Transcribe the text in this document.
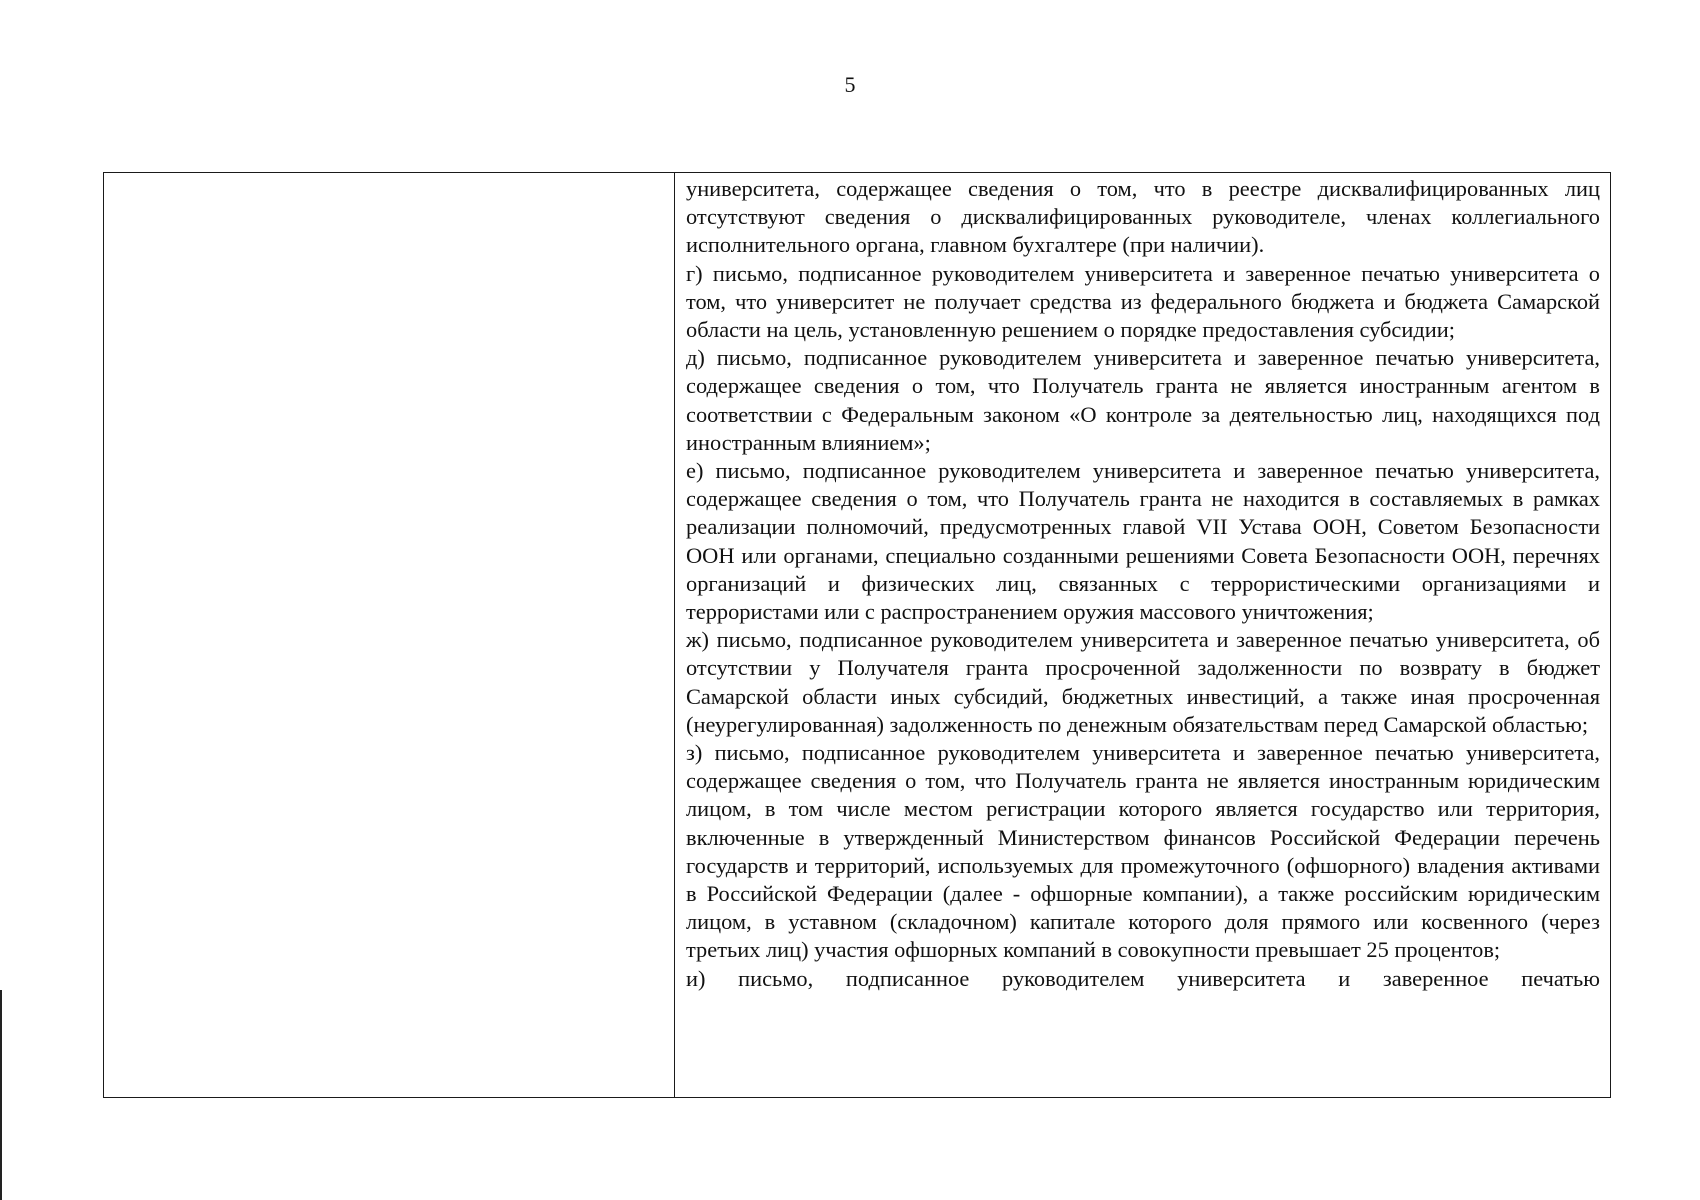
5

университета, содержащее сведения о том, что в реестре дисквалифицированных лиц отсутствуют сведения о дисквалифицированных руководителе, членах коллегиального исполнительного органа, главном бухгалтере (при наличии).

г) письмо, подписанное руководителем университета и заверенное печатью университета о том, что университет не получает средства из федерального бюджета и бюджета Самарской области на цель, установленную решением о порядке предоставления субсидии;

д) письмо, подписанное руководителем университета и заверенное печатью университета, содержащее сведения о том, что Получатель гранта не является иностранным агентом в соответствии с Федеральным законом «О контроле за деятельностью лиц, находящихся под иностранным влиянием»;

е) письмо, подписанное руководителем университета и заверенное печатью университета, содержащее сведения о том, что Получатель гранта не находится в составляемых в рамках реализации полномочий, предусмотренных главой VII Устава ООН, Советом Безопасности ООН или органами, специально созданными решениями Совета Безопасности ООН, перечнях организаций и физических лиц, связанных с террористическими организациями и террористами или с распространением оружия массового уничтожения;

ж) письмо, подписанное руководителем университета и заверенное печатью университета, об отсутствии у Получателя гранта просроченной задолженности по возврату в бюджет Самарской области иных субсидий, бюджетных инвестиций, а также иная просроченная (неурегулированная) задолженность по денежным обязательствам перед Самарской областью;

з) письмо, подписанное руководителем университета и заверенное печатью университета, содержащее сведения о том, что Получатель гранта не является иностранным юридическим лицом, в том числе местом регистрации которого является государство или территория, включенные в утвержденный Министерством финансов Российской Федерации перечень государств и территорий, используемых для промежуточного (офшорного) владения активами в Российской Федерации (далее - офшорные компании), а также российским юридическим лицом, в уставном (складочном) капитале которого доля прямого или косвенного (через третьих лиц) участия офшорных компаний в совокупности превышает 25 процентов;

и) письмо, подписанное руководителем университета и заверенное печатью
